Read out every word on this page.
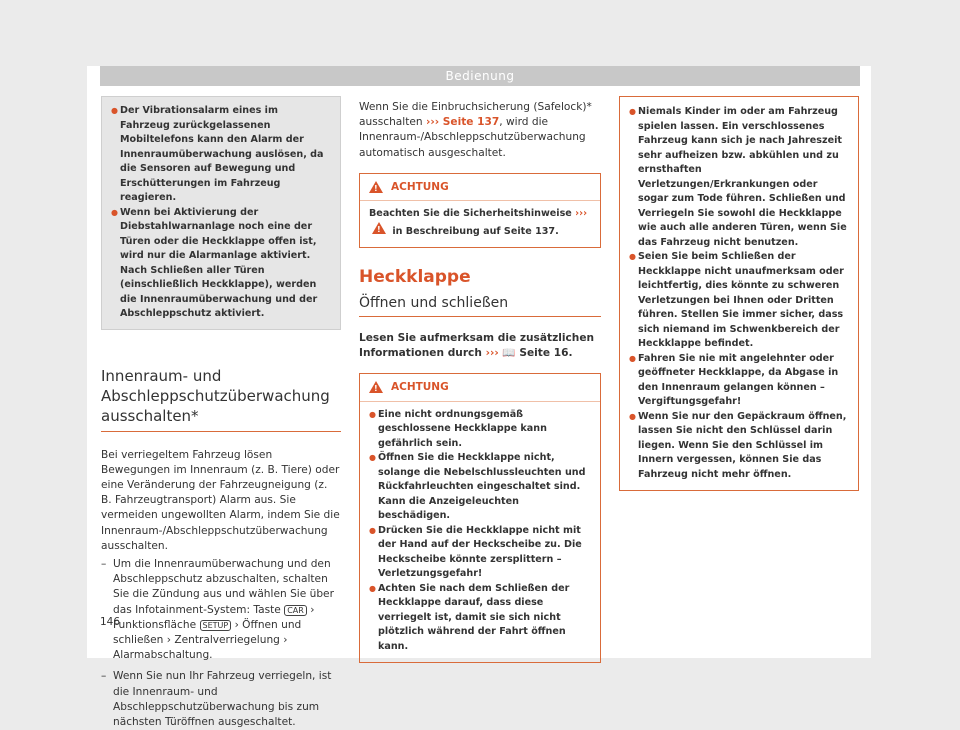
Bedienung

● Der Vibrationsalarm eines im Fahrzeug zurückgelassenen Mobiltelefons kann den Alarm der Innenraumüberwachung auslösen, da die Sensoren auf Bewegung und Erschütterungen im Fahrzeug reagieren.

● Wenn bei Aktivierung der Diebstahlwarnanlage noch eine der Türen oder die Heckklappe offen ist, wird nur die Alarmanlage aktiviert. Nach Schließen aller Türen (einschließlich Heckklappe), werden die Innenraumüberwachung und der Abschleppschutz aktiviert.

Innenraum- und Abschleppschutzüberwachung ausschalten*

Bei verriegeltem Fahrzeug lösen Bewegungen im Innenraum (z. B. Tiere) oder eine Veränderung der Fahrzeugneigung (z. B. Fahrzeugtransport) Alarm aus. Sie vermeiden ungewollten Alarm, indem Sie die Innenraum-/Abschleppschutzüberwachung ausschalten.

– Um die Innenraumüberwachung und den Abschleppschutz abzuschalten, schalten Sie die Zündung aus und wählen Sie über das Infotainment-System: Taste CAR › Funktionsfläche SETUP › Öffnen und schließen › Zentralverriegelung › Alarmabschaltung.

– Wenn Sie nun Ihr Fahrzeug verriegeln, ist die Innenraum- und Abschleppschutzüberwachung bis zum nächsten Türöffnen ausgeschaltet.

Wenn Sie die Einbruchsicherung (Safelock)* ausschalten ››› Seite 137, wird die Innenraum-/Abschleppschutzüberwachung automatisch ausgeschaltet.

!
ACHTUNG

Beachten Sie die Sicherheitshinweise ››› ! in Beschreibung auf Seite 137.

Heckklappe

Öffnen und schließen

Lesen Sie aufmerksam die zusätzlichen Informationen durch ››› 📖 Seite 16.

!
ACHTUNG

● Eine nicht ordnungsgemäß geschlossene Heckklappe kann gefährlich sein.

● Öffnen Sie die Heckklappe nicht, solange die Nebelschlussleuchten und Rückfahrleuchten eingeschaltet sind. Kann die Anzeigeleuchten beschädigen.

● Drücken Sie die Heckklappe nicht mit der Hand auf der Heckscheibe zu. Die Heckscheibe könnte zersplittern – Verletzungsgefahr!

● Achten Sie nach dem Schließen der Heckklappe darauf, dass diese verriegelt ist, damit sie sich nicht plötzlich während der Fahrt öffnen kann.

● Niemals Kinder im oder am Fahrzeug spielen lassen. Ein verschlossenes Fahrzeug kann sich je nach Jahreszeit sehr aufheizen bzw. abkühlen und zu ernsthaften Verletzungen/Erkrankungen oder sogar zum Tode führen. Schließen und Verriegeln Sie sowohl die Heckklappe wie auch alle anderen Türen, wenn Sie das Fahrzeug nicht benutzen.

● Seien Sie beim Schließen der Heckklappe nicht unaufmerksam oder leichtfertig, dies könnte zu schweren Verletzungen bei Ihnen oder Dritten führen. Stellen Sie immer sicher, dass sich niemand im Schwenkbereich der Heckklappe befindet.

● Fahren Sie nie mit angelehnter oder geöffneter Heckklappe, da Abgase in den Innenraum gelangen können – Vergiftungsgefahr!

● Wenn Sie nur den Gepäckraum öffnen, lassen Sie nicht den Schlüssel darin liegen. Wenn Sie den Schlüssel im Innern vergessen, können Sie das Fahrzeug nicht mehr öffnen.

146
